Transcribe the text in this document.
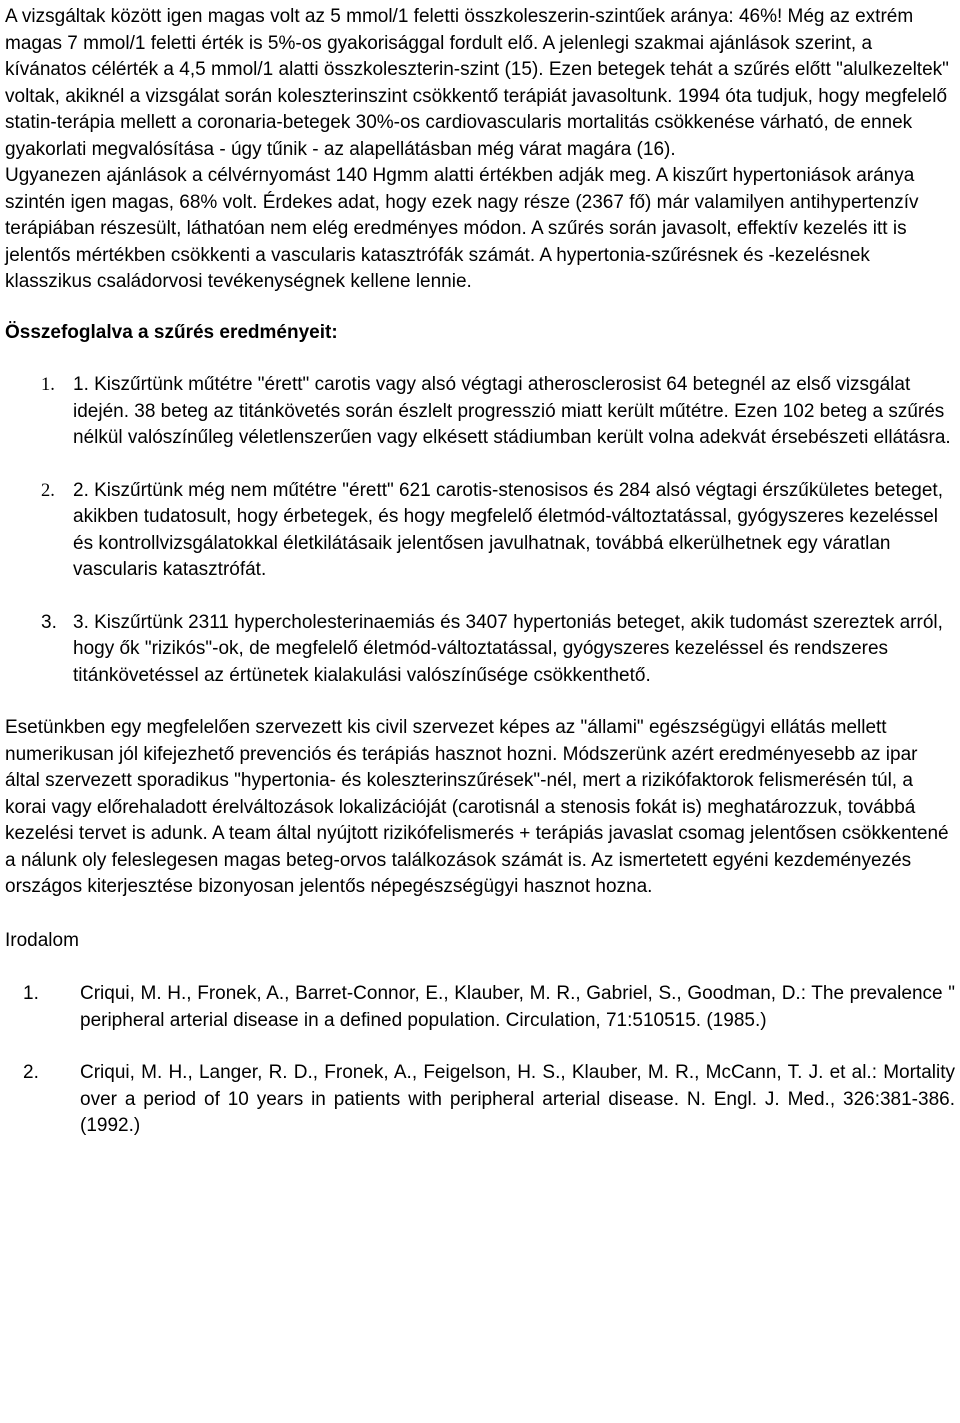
A vizsgáltak között igen magas volt az 5 mmol/1 feletti összkoleszerin-szintűek aránya: 46%! Még az extrém magas 7 mmol/1 feletti érték is 5%-os gyakorisággal fordult elő. A jelenlegi szakmai ajánlások szerint, a kívánatos célérték a 4,5 mmol/1 alatti összkoleszterin-szint (15). Ezen betegek tehát a szűrés előtt "alulkezeltek" voltak, akiknél a vizsgálat során koleszterinszint csökkentő terápiát javasoltunk. 1994 óta tudjuk, hogy megfelelő statin-terápia mellett a coronaria-betegek 30%-os cardiovascularis mortalitás csökkenése várható, de ennek gyakorlati megvalósítása - úgy tűnik - az alapellátásban még várat magára (16).

Ugyanezen ajánlások a célvérnyomást 140 Hgmm alatti értékben adják meg. A kiszűrt hypertoniások aránya szintén igen magas, 68% volt. Érdekes adat, hogy ezek nagy része (2367 fő) már valamilyen antihypertenzív terápiában részesült, láthatóan nem elég eredményes módon. A szűrés során javasolt, effektív kezelés itt is jelentős mértékben csökkenti a vascularis katasztrófák számát. A hypertonia-szűrésnek és -kezelésnek klasszikus családorvosi tevékenységnek kellene lennie.

Összefoglalva a szűrés eredményeit:

1. 1. Kiszűrtünk műtétre "érett" carotis vagy alsó végtagi atherosclerosist 64 betegnél az első vizsgálat idején. 38 beteg az titánkövetés során észlelt progresszió miatt került műtétre. Ezen 102 beteg a szűrés nélkül valószínűleg véletlenszerűen vagy elkésett stádiumban került volna adekvát érsebészeti ellátásra.
2. 2. Kiszűrtünk még nem műtétre "érett" 621 carotis-stenosisos és 284 alsó végtagi érszűkületes beteget, akikben tudatosult, hogy érbetegek, és hogy megfelelő életmód-változtatással, gyógyszeres kezeléssel és kontrollvizsgálatokkal életkilátásaik jelentősen javulhatnak, továbbá elkerülhetnek egy váratlan vascularis katasztrófát.
3. 3. Kiszűrtünk 2311 hypercholesterinaemiás és 3407 hypertoniás beteget, akik tudomást szereztek arról, hogy ők "rizikós"-ok, de megfelelő életmód-változtatással, gyógyszeres kezeléssel és rendszeres titánkövetéssel az értünetek kialakulási valószínűsége csökkenthető.

Esetünkben egy megfelelően szervezett kis civil szervezet képes az "állami" egészségügyi ellátás mellett numerikusan jól kifejezhető prevenciós és terápiás hasznot hozni. Módszerünk azért eredményesebb az ipar által szervezett sporadikus "hypertonia- és koleszterinszűrések"-nél, mert a rizikófaktorok felismerésén túl, a korai vagy előrehaladott érelváltozások lokalizációját (carotisnál a stenosis fokát is) meghatározzuk, továbbá kezelési tervet is adunk. A team által nyújtott rizikófelismerés + terápiás javaslat csomag jelentősen csökkentené a nálunk oly feleslegesen magas beteg-orvos találkozások számát is. Az ismertetett egyéni kezdeményezés országos kiterjesztése bizonyosan jelentős népegészségügyi hasznot hozna.

Irodalom

1.	Criqui, M. H., Fronek, A., Barret-Connor, E., Klauber, M. R., Gabriel, S., Goodman, D.: The prevalence " peripheral arterial disease in a defined population. Circulation, 71:510515. (1985.)
2.	Criqui, M. H., Langer, R. D., Fronek, A., Feigelson, H. S., Klauber, M. R., McCann, T. J. et al.: Mortality over a period of 10 years in patients with peripheral arterial disease. N. Engl. J. Med., 326:381-386. (1992.)
